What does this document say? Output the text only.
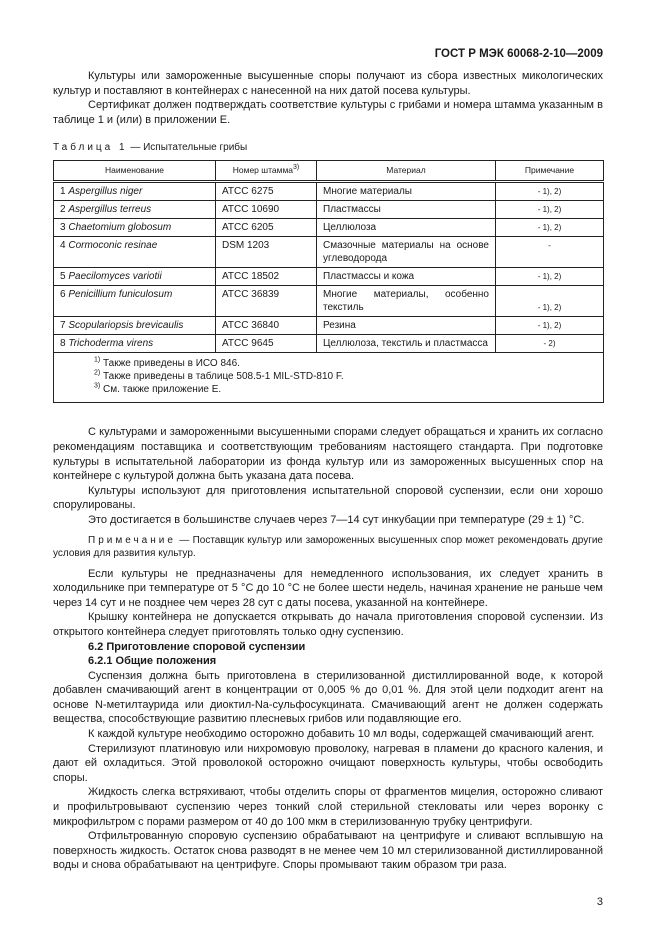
ГОСТ Р МЭК 60068-2-10—2009

Культуры или замороженные высушенные споры получают из сбора известных микологических культур и поставляют в контейнерах с нанесенной на них датой посева культуры.

Сертификат должен подтверждать соответствие культуры с грибами и номера штамма указанным в таблице 1 и (или) в приложении Е.

Таблица 1 — Испытательные грибы
Наименование	Номер штамма$^{3)}$	Материал	Примечание
1 Aspergillus niger	ATCC 6275	Многие материалы	- 1), 2)
2 Aspergillus terreus	ATCC 10690	Пластмассы	- 1), 2)
3 Chaetomium globosum	ATCC 6205	Целлюлоза	- 1), 2)
4 Cormoconic resinae	DSM 1203	Смазочные материалы на основе углеводорода	-
5 Paecilomyces variotii	ATCC 18502	Пластмассы и кожа	- 1), 2)
6 Penicillium funiculosum	ATCC 36839	Многие материалы, особенно текстиль	- 1), 2)
7 Scopulariopsis brevicaulis	ATCC 36840	Резина	- 1), 2)
8 Trichoderma virens	ATCC 9645	Целлюлоза, текстиль и пластмасса	- 2)

$^{1)}$ Также приведены в ИСО 846.
$^{2)}$ Также приведены в таблице 508.5-1 MIL-STD-810 F.
$^{3)}$ См. также приложение Е.			

С культурами и замороженными высушенными спорами следует обращаться и хранить их согласно рекомендациям поставщика и соответствующим требованиям настоящего стандарта. При подготовке культуры в испытательной лаборатории из фонда культур или из замороженных высушенных спор на контейнере с культурой должна быть указана дата посева.

Культуры используют для приготовления испытательной споровой суспензии, если они хорошо спорулированы.

Это достигается в большинстве случаев через 7—14 сут инкубации при температуре (29 ± 1) °С.

Примечание — Поставщик культур или замороженных высушенных спор может рекомендовать другие условия для развития культур.

Если культуры не предназначены для немедленного использования, их следует хранить в холодильнике при температуре от 5 °С до 10 °С не более шести недель, начиная хранение не раньше чем через 14 сут и не позднее чем через 28 сут с даты посева, указанной на контейнере.

Крышку контейнера не допускается открывать до начала приготовления споровой суспензии. Из открытого контейнера следует приготовлять только одну суспензию.

6.2 Приготовление споровой суспензии
6.2.1 Общие положения

Суспензия должна быть приготовлена в стерилизованной дистиллированной воде, к которой добавлен смачивающий агент в концентрации от 0,005 % до 0,01 %. Для этой цели подходит агент на основе N-метилтаурида или диоктил-Na-сульфосукцината. Смачивающий агент не должен содержать вещества, способствующие развитию плесневых грибов или подавляющие его.

К каждой культуре необходимо осторожно добавить 10 мл воды, содержащей смачивающий агент.

Стерилизуют платиновую или нихромовую проволоку, нагревая в пламени до красного каления, и дают ей охладиться. Этой проволокой осторожно очищают поверхность культуры, чтобы освободить споры.

Жидкость слегка встряхивают, чтобы отделить споры от фрагментов мицелия, осторожно сливают и профильтровывают суспензию через тонкий слой стерильной стекловаты или через воронку с микрофильтром с порами размером от 40 до 100 мкм в стерилизованную трубку центрифуги.

Отфильтрованную споровую суспензию обрабатывают на центрифуге и сливают всплывшую на поверхность жидкость. Остаток снова разводят в не менее чем 10 мл стерилизованной дистиллированной воды и снова обрабатывают на центрифуге. Споры промывают таким образом три раза.

3
